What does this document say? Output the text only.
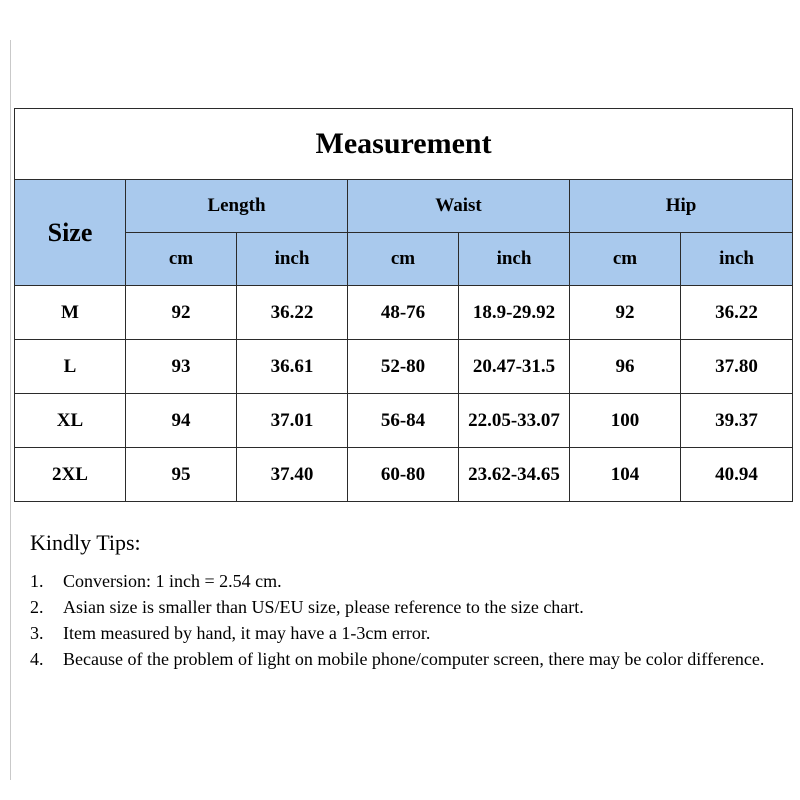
Measurement						
Size	Length		Waist		Hip	
	cm	inch	cm	inch	cm	inch
M	92	36.22	48-76	18.9-29.92	92	36.22
L	93	36.61	52-80	20.47-31.5	96	37.80
XL	94	37.01	56-84	22.05-33.07	100	39.37
2XL	95	37.40	60-80	23.62-34.65	104	40.94
Kindly Tips:
1.	Conversion: 1 inch = 2.54 cm.
2.	Asian size is smaller than US/EU size, please reference to the size chart.
3.	Item measured by hand, it may have a 1-3cm error.
4.	Because of the problem of light on mobile phone/computer screen, there may be color difference.
